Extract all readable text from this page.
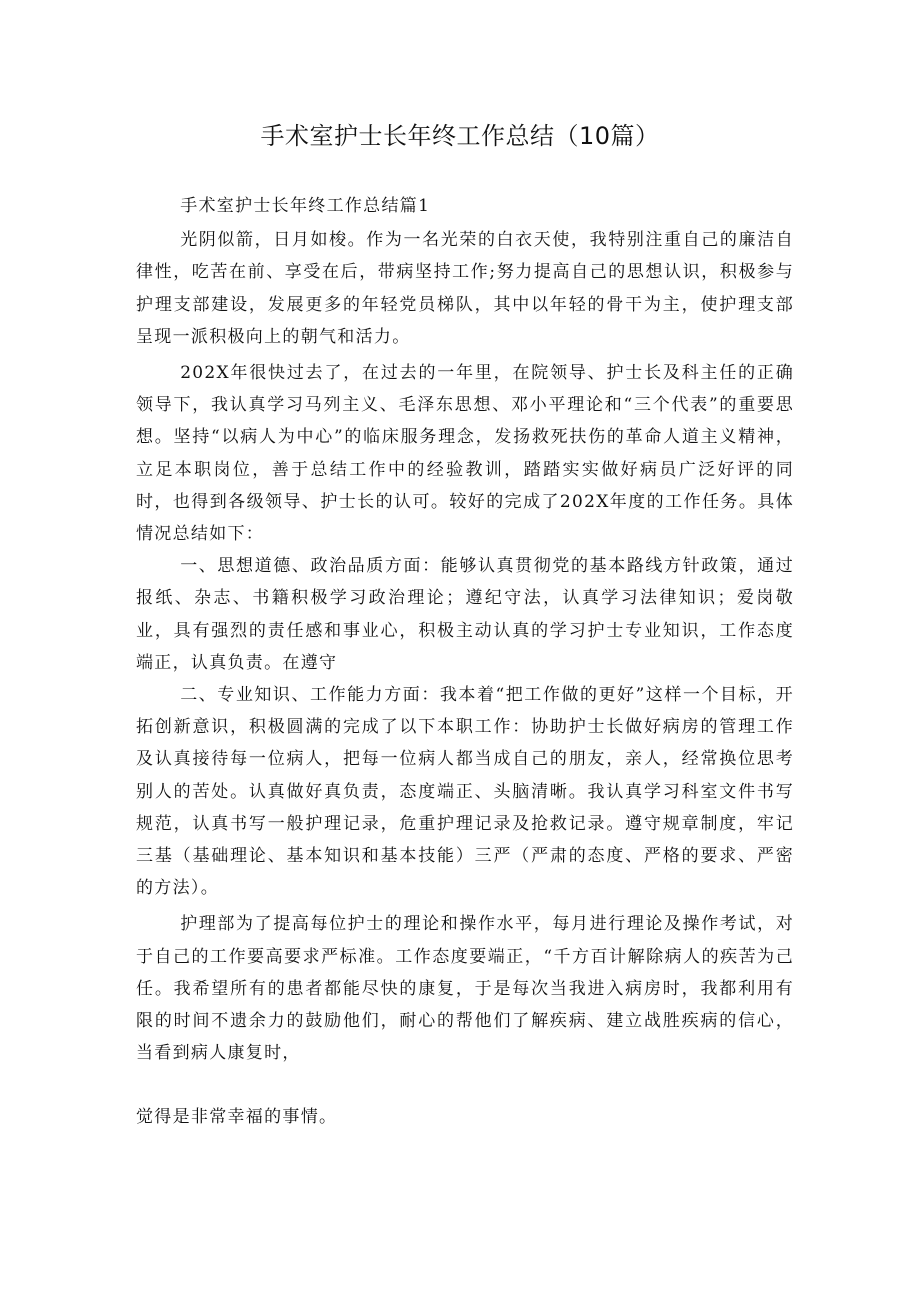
手术室护士长年终工作总结（10篇）

手术室护士长年终工作总结篇1

光阴似箭，日月如梭。作为一名光荣的白衣天使，我特别注重自己的廉洁自律性，吃苦在前、享受在后，带病坚持工作;努力提高自己的思想认识，积极参与护理支部建设，发展更多的年轻党员梯队，其中以年轻的骨干为主，使护理支部呈现一派积极向上的朝气和活力。

202X年很快过去了，在过去的一年里，在院领导、护士长及科主任的正确领导下，我认真学习马列主义、毛泽东思想、邓小平理论和“三个代表”的重要思想。坚持“以病人为中心”的临床服务理念，发扬救死扶伤的革命人道主义精神，立足本职岗位，善于总结工作中的经验教训，踏踏实实做好病员广泛好评的同时，也得到各级领导、护士长的认可。较好的完成了202X年度的工作任务。具体情况总结如下：

一、思想道德、政治品质方面：能够认真贯彻党的基本路线方针政策，通过报纸、杂志、书籍积极学习政治理论；遵纪守法，认真学习法律知识；爱岗敬业，具有强烈的责任感和事业心，积极主动认真的学习护士专业知识，工作态度端正，认真负责。在遵守

二、专业知识、工作能力方面：我本着“把工作做的更好”这样一个目标，开拓创新意识，积极圆满的完成了以下本职工作：协助护士长做好病房的管理工作及认真接待每一位病人，把每一位病人都当成自己的朋友，亲人，经常换位思考别人的苦处。认真做好真负责，态度端正、头脑清晰。我认真学习科室文件书写规范，认真书写一般护理记录，危重护理记录及抢救记录。遵守规章制度，牢记三基（基础理论、基本知识和基本技能）三严（严肃的态度、严格的要求、严密的方法）。

护理部为了提高每位护士的理论和操作水平，每月进行理论及操作考试，对于自己的工作要高要求严标准。工作态度要端正，“千方百计解除病人的疾苦为己任。我希望所有的患者都能尽快的康复，于是每次当我进入病房时，我都利用有限的时间不遗余力的鼓励他们，耐心的帮他们了解疾病、建立战胜疾病的信心，当看到病人康复时，

觉得是非常幸福的事情。
